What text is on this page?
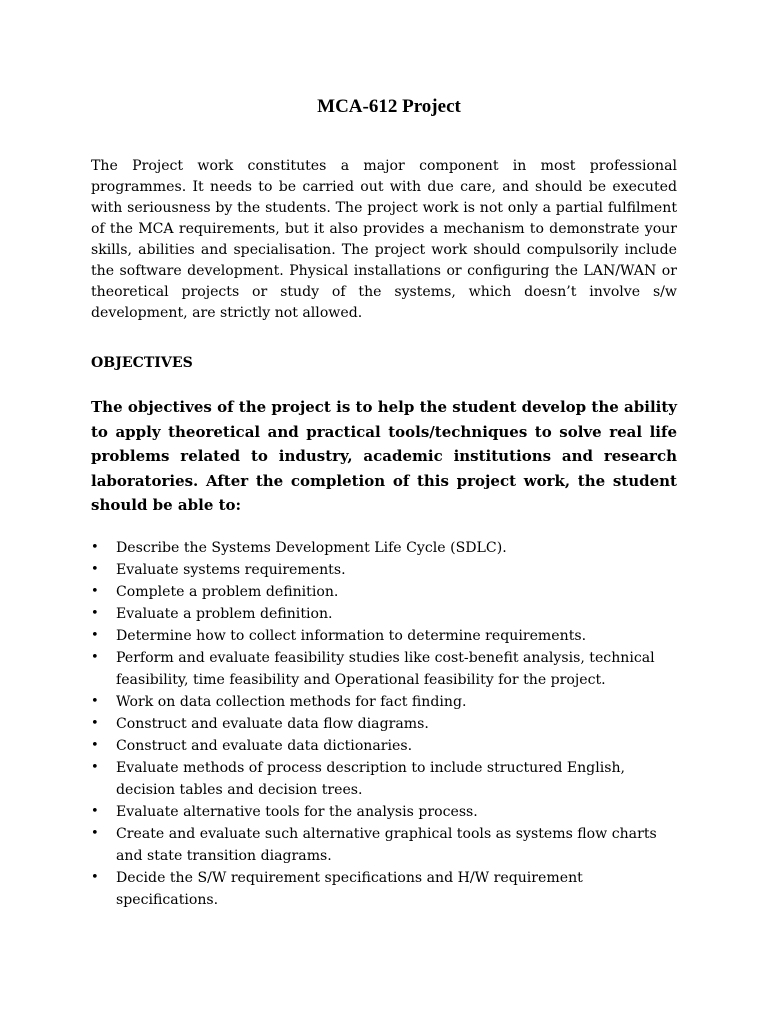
MCA-612 Project

The Project work constitutes a major component in most professional programmes. It needs to be carried out with due care, and should be executed with seriousness by the students. The project work is not only a partial fulfilment of the MCA requirements, but it also provides a mechanism to demonstrate your skills, abilities and specialisation. The project work should compulsorily include the software development. Physical installations or configuring the LAN/WAN or theoretical projects or study of the systems, which doesn’t involve s/w development, are strictly not allowed.

OBJECTIVES

The objectives of the project is to help the student develop the ability to apply theoretical and practical tools/techniques to solve real life problems related to industry, academic institutions and research laboratories. After the completion of this project work, the student should be able to:

• Describe the Systems Development Life Cycle (SDLC).
• Evaluate systems requirements.
• Complete a problem definition.
• Evaluate a problem definition.
• Determine how to collect information to determine requirements.
• Perform and evaluate feasibility studies like cost-benefit analysis, technical feasibility, time feasibility and Operational feasibility for the project.
• Work on data collection methods for fact finding.
• Construct and evaluate data flow diagrams.
• Construct and evaluate data dictionaries.
• Evaluate methods of process description to include structured English, decision tables and decision trees.
• Evaluate alternative tools for the analysis process.
• Create and evaluate such alternative graphical tools as systems flow charts and state transition diagrams.
• Decide the S/W requirement specifications and H/W requirement specifications.
